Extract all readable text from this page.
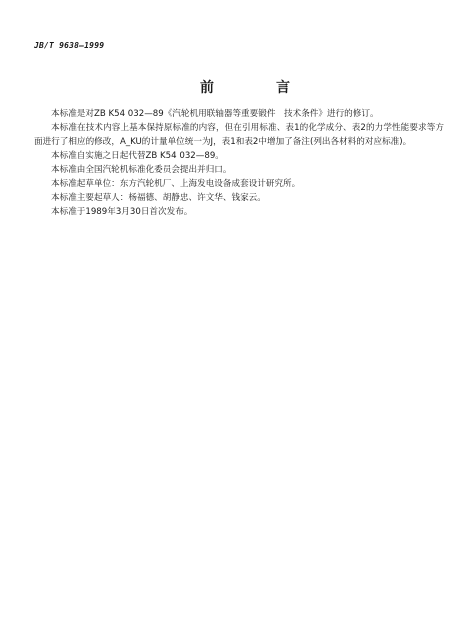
JB/T 9638—1999
前　言

本标准是对ZB K54 032—89《汽轮机用联轴器等重要锻件　技术条件》进行的修订。

本标准在技术内容上基本保持原标准的内容，但在引用标准、表1的化学成分、表2的力学性能要求等方面进行了相应的修改，A_KU的计量单位统一为J，表1和表2中增加了备注(列出各材料的对应标准)。

本标准自实施之日起代替ZB K54 032—89。

本标准由全国汽轮机标准化委员会提出并归口。

本标准起草单位：东方汽轮机厂、上海发电设备成套设计研究所。

本标准主要起草人：杨福德、胡静忠、许文华、钱家云。

本标准于1989年3月30日首次发布。
